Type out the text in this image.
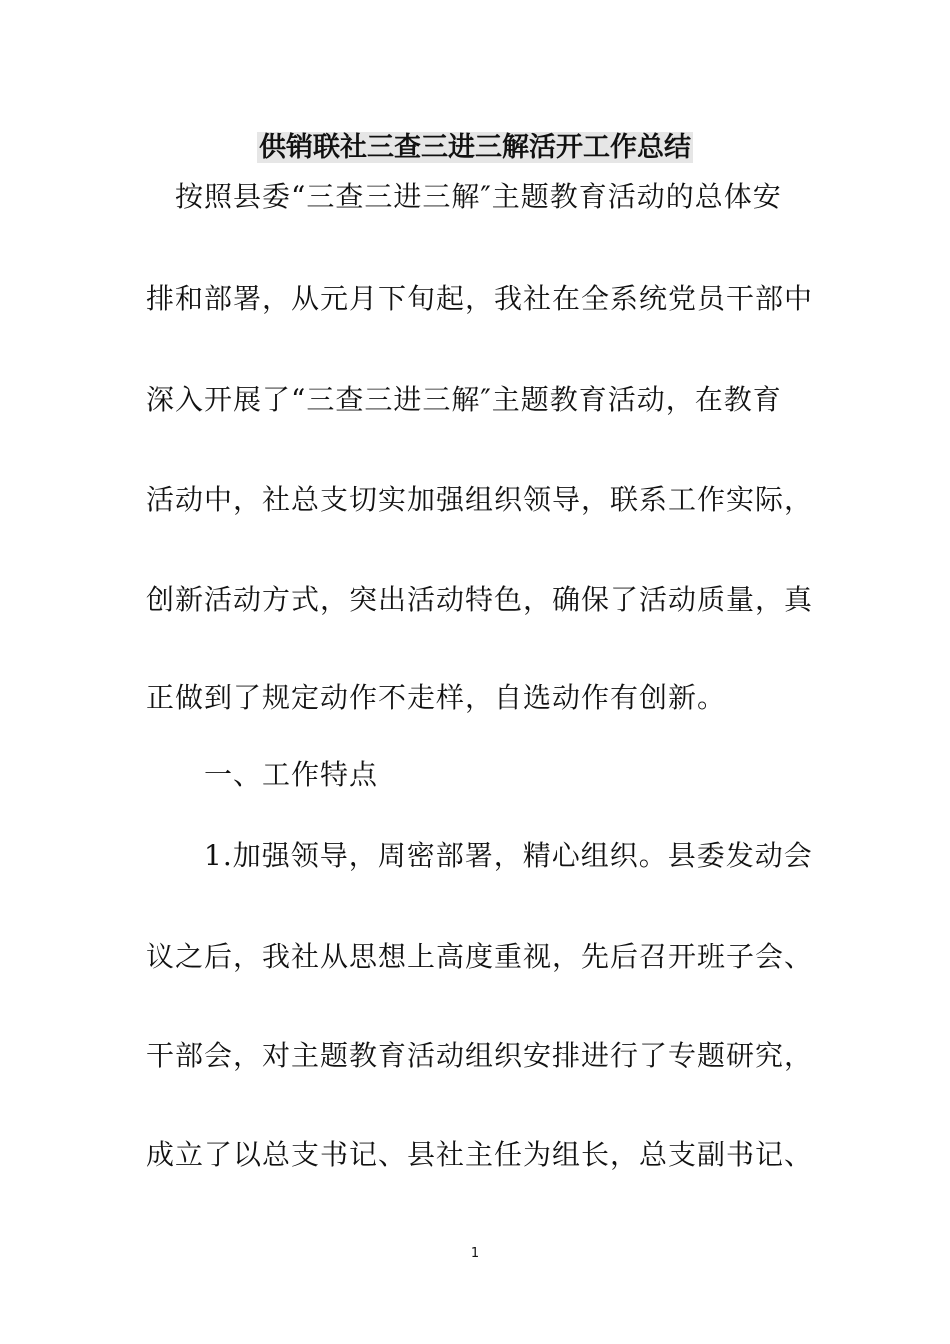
供销联社三查三进三解活开工作总结
　按照县委“三查三进三解″主题教育活动的总体安
排和部署，从元月下旬起，我社在全系统党员干部中
深入开展了“三查三进三解″主题教育活动，在教育
活动中，社总支切实加强组织领导，联系工作实际，
创新活动方式，突出活动特色，确保了活动质量，真
正做到了规定动作不走样，自选动作有创新。
　　一、工作特点
　　1.加强领导，周密部署，精心组织。县委发动会
议之后，我社从思想上高度重视，先后召开班子会、
干部会，对主题教育活动组织安排进行了专题研究，
成立了以总支书记、县社主任为组长，总支副书记、
1
